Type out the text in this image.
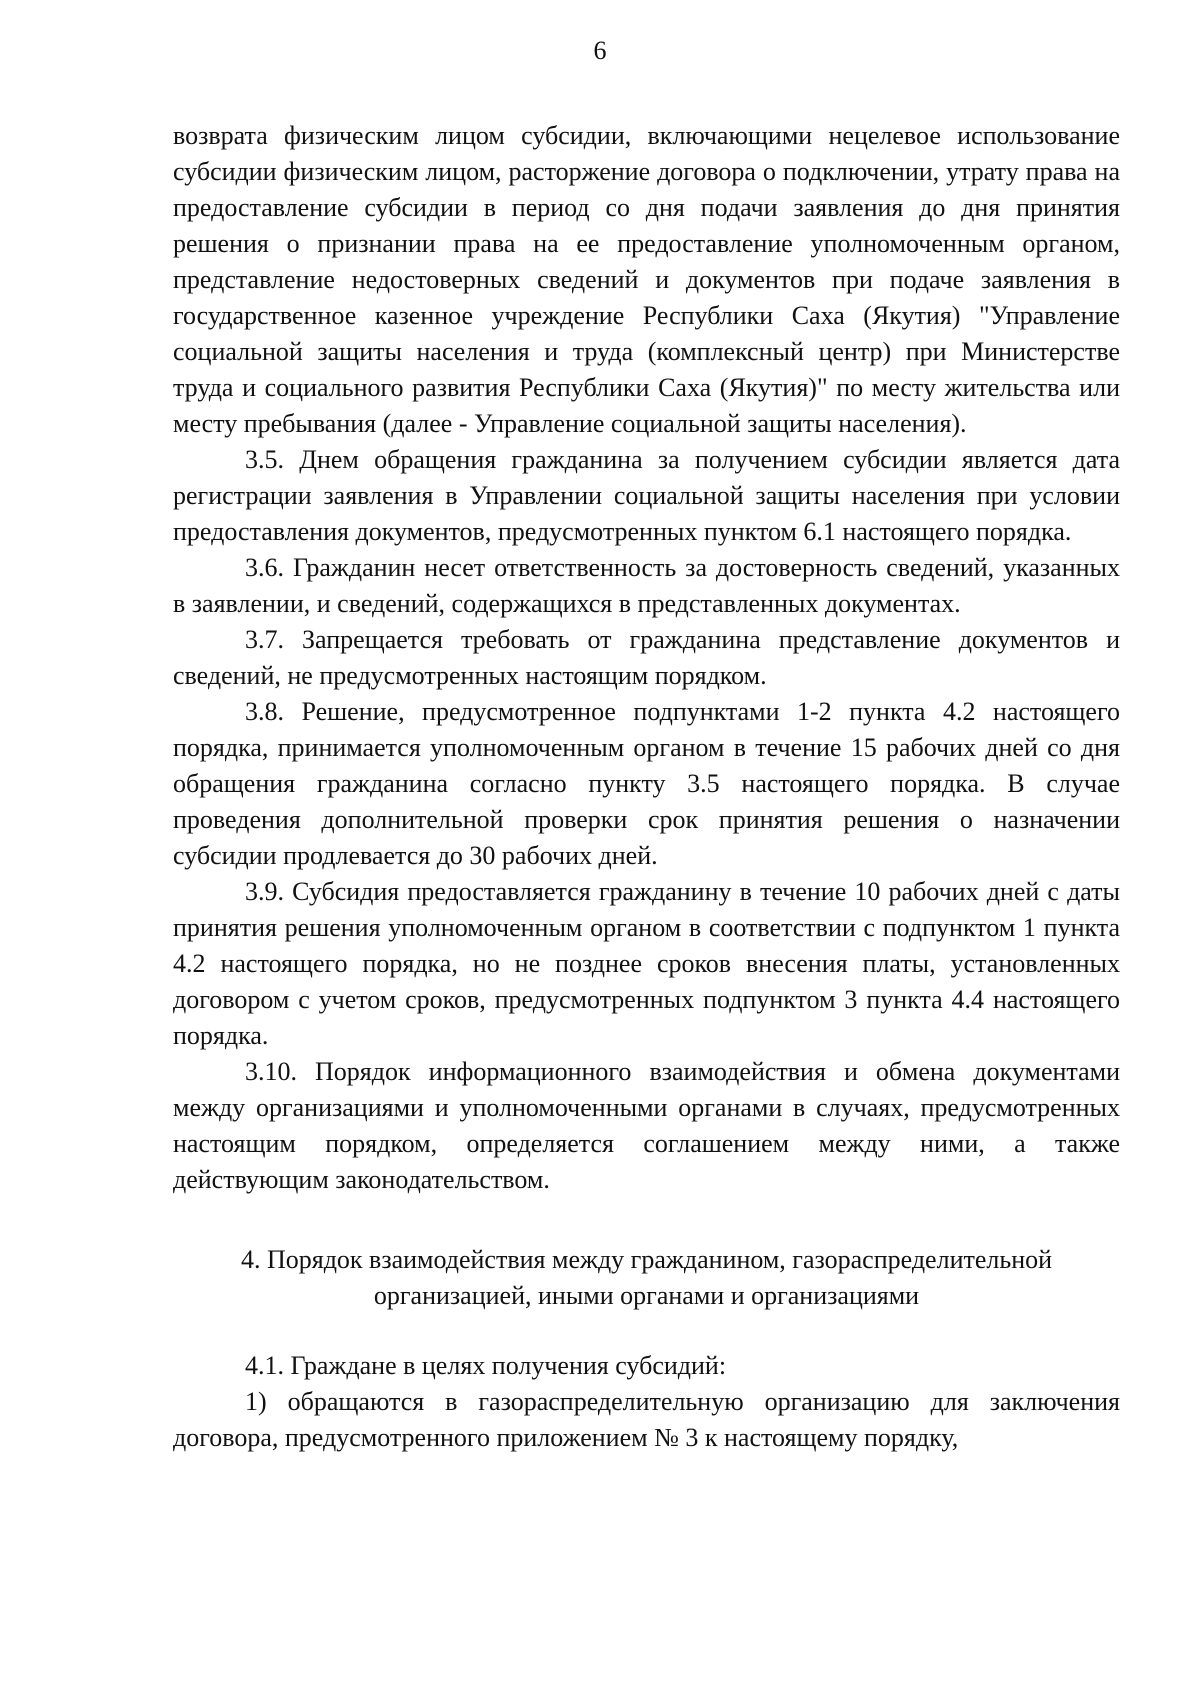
6

возврата физическим лицом субсидии, включающими нецелевое использование субсидии физическим лицом, расторжение договора о подключении, утрату права на предоставление субсидии в период со дня подачи заявления до дня принятия решения о признании права на ее предоставление уполномоченным органом, представление недостоверных сведений и документов при подаче заявления в государственное казенное учреждение Республики Саха (Якутия) "Управление социальной защиты населения и труда (комплексный центр) при Министерстве труда и социального развития Республики Саха (Якутия)" по месту жительства или месту пребывания (далее - Управление социальной защиты населения).

3.5. Днем обращения гражданина за получением субсидии является дата регистрации заявления в Управлении социальной защиты населения при условии предоставления документов, предусмотренных пунктом 6.1 настоящего порядка.

3.6. Гражданин несет ответственность за достоверность сведений, указанных в заявлении, и сведений, содержащихся в представленных документах.

3.7. Запрещается требовать от гражданина представление документов и сведений, не предусмотренных настоящим порядком.

3.8. Решение, предусмотренное подпунктами 1-2 пункта 4.2 настоящего порядка, принимается уполномоченным органом в течение 15 рабочих дней со дня обращения гражданина согласно пункту 3.5 настоящего порядка. В случае проведения дополнительной проверки срок принятия решения о назначении субсидии продлевается до 30 рабочих дней.

3.9. Субсидия предоставляется гражданину в течение 10 рабочих дней с даты принятия решения уполномоченным органом в соответствии с подпунктом 1 пункта 4.2 настоящего порядка, но не позднее сроков внесения платы, установленных договором с учетом сроков, предусмотренных подпунктом 3 пункта 4.4 настоящего порядка.

3.10. Порядок информационного взаимодействия и обмена документами между организациями и уполномоченными органами в случаях, предусмотренных настоящим порядком, определяется соглашением между ними, а также действующим законодательством.

4. Порядок взаимодействия между гражданином, газораспределительной
организацией, иными органами и организациями

4.1. Граждане в целях получения субсидий:

1) обращаются в газораспределительную организацию для заключения договора, предусмотренного приложением № 3 к настоящему порядку,
